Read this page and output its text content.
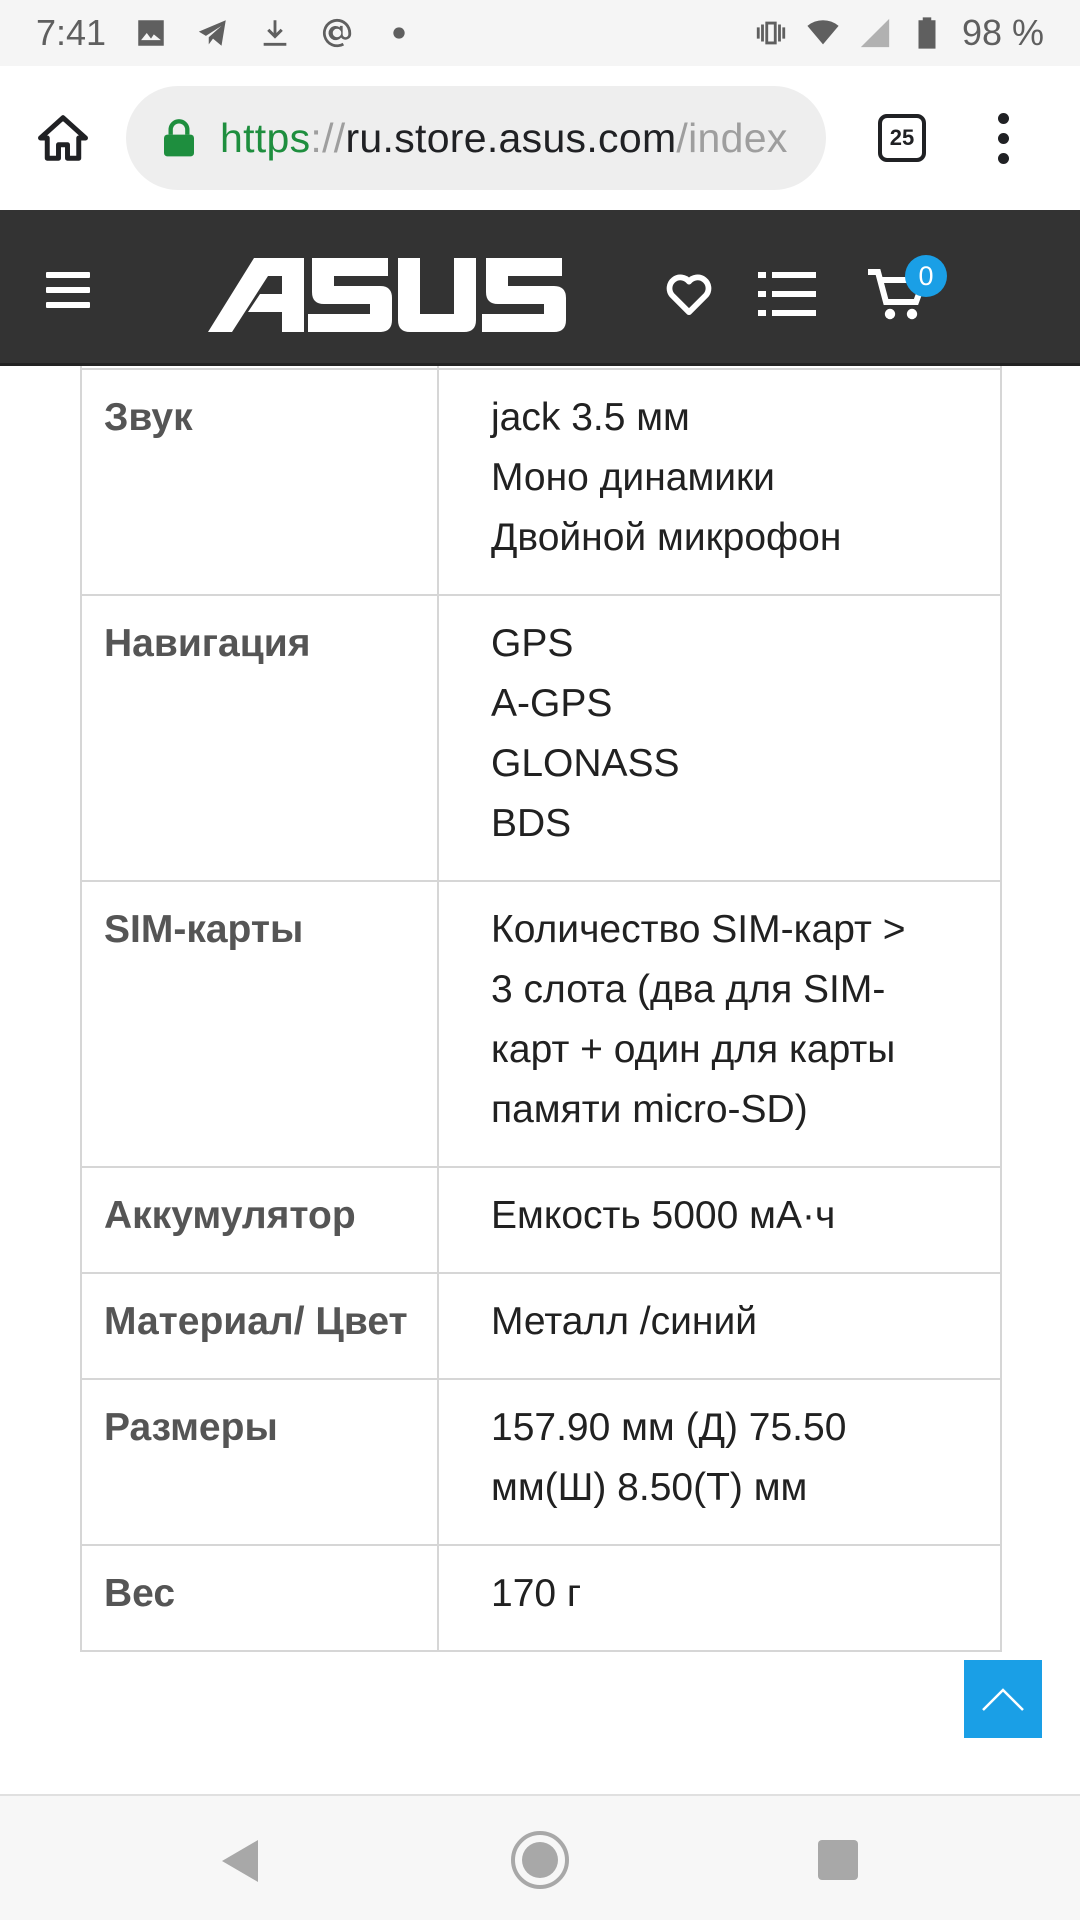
7:41	98 %
https://ru.store.asus.com/index	25
0

Звук	jack 3.5 мм
Моно динамики
Двойной микрофон

Навигация	GPS
A-GPS
GLONASS
BDS

SIM-карты	Количество SIM-карт >
3 слота (два для SIM-
карт + один для карты
памяти micro-SD)

Аккумулятор	Емкость 5000 мА·ч

Материал/ Цвет	Металл /синий

Размеры	157.90 мм (Д) 75.50
мм(Ш) 8.50(Т) мм

Вес	170 г
